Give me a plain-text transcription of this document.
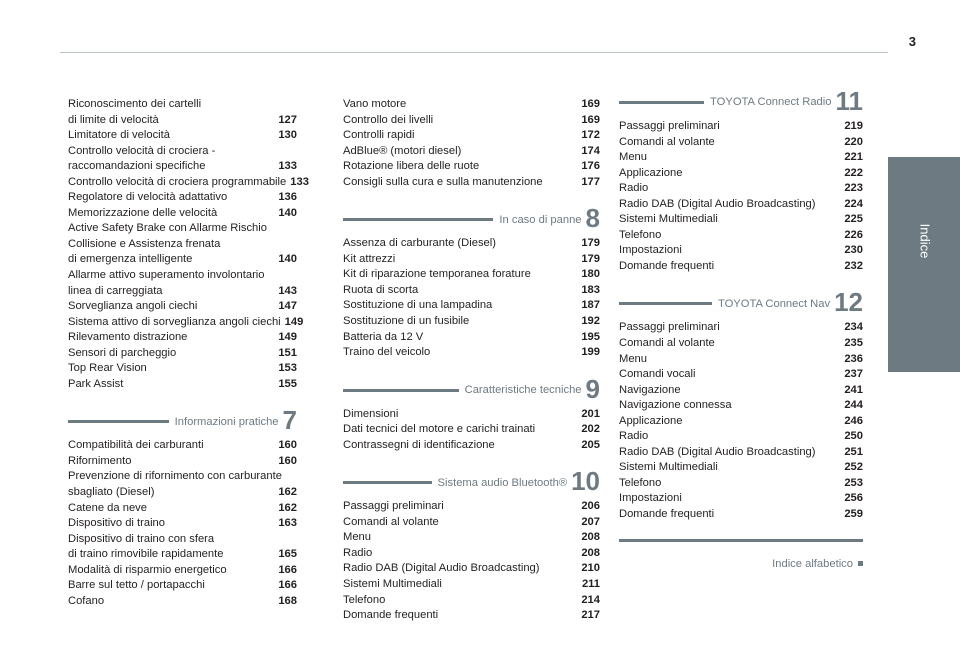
3
Indice
Riconoscimento dei cartelli
di limite di velocità	127
Limitatore di velocità	130
Controllo velocità di crociera -
raccomandazioni specifiche	133
Controllo velocità di crociera programmabile 133
Regolatore di velocità adattativo	136
Memorizzazione delle velocità	140
Active Safety Brake con Allarme Rischio
Collisione e Assistenza frenata
di emergenza intelligente	140
Allarme attivo superamento involontario
linea di carreggiata	143
Sorveglianza angoli ciechi	147
Sistema attivo di sorveglianza angoli ciechi 149
Rilevamento distrazione	149
Sensori di parcheggio	151
Top Rear Vision	153
Park Assist	155
Informazioni pratiche 7
Compatibilità dei carburanti	160
Rifornimento	160
Prevenzione di rifornimento con carburante
sbagliato (Diesel)	162
Catene da neve	162
Dispositivo di traino	163
Dispositivo di traino con sfera
di traino rimovibile rapidamente	165
Modalità di risparmio energetico	166
Barre sul tetto / portapacchi	166
Cofano	168
Vano motore	169
Controllo dei livelli	169
Controlli rapidi	172
AdBlue® (motori diesel)	174
Rotazione libera delle ruote	176
Consigli sulla cura e sulla manutenzione	177
In caso di panne 8
Assenza di carburante (Diesel)	179
Kit attrezzi	179
Kit di riparazione temporanea forature	180
Ruota di scorta	183
Sostituzione di una lampadina	187
Sostituzione di un fusibile	192
Batteria da 12 V	195
Traino del veicolo	199
Caratteristiche tecniche 9
Dimensioni	201
Dati tecnici del motore e carichi trainati	202
Contrassegni di identificazione	205
Sistema audio Bluetooth® 10
Passaggi preliminari	206
Comandi al volante	207
Menu	208
Radio	208
Radio DAB (Digital Audio Broadcasting)	210
Sistemi Multimediali	211
Telefono	214
Domande frequenti	217
TOYOTA Connect Radio 11
Passaggi preliminari	219
Comandi al volante	220
Menu	221
Applicazione	222
Radio	223
Radio DAB (Digital Audio Broadcasting)	224
Sistemi Multimediali	225
Telefono	226
Impostazioni	230
Domande frequenti	232
TOYOTA Connect Nav 12
Passaggi preliminari	234
Comandi al volante	235
Menu	236
Comandi vocali	237
Navigazione	241
Navigazione connessa	244
Applicazione	246
Radio	250
Radio DAB (Digital Audio Broadcasting)	251
Sistemi Multimediali	252
Telefono	253
Impostazioni	256
Domande frequenti	259
Indice alfabetico
